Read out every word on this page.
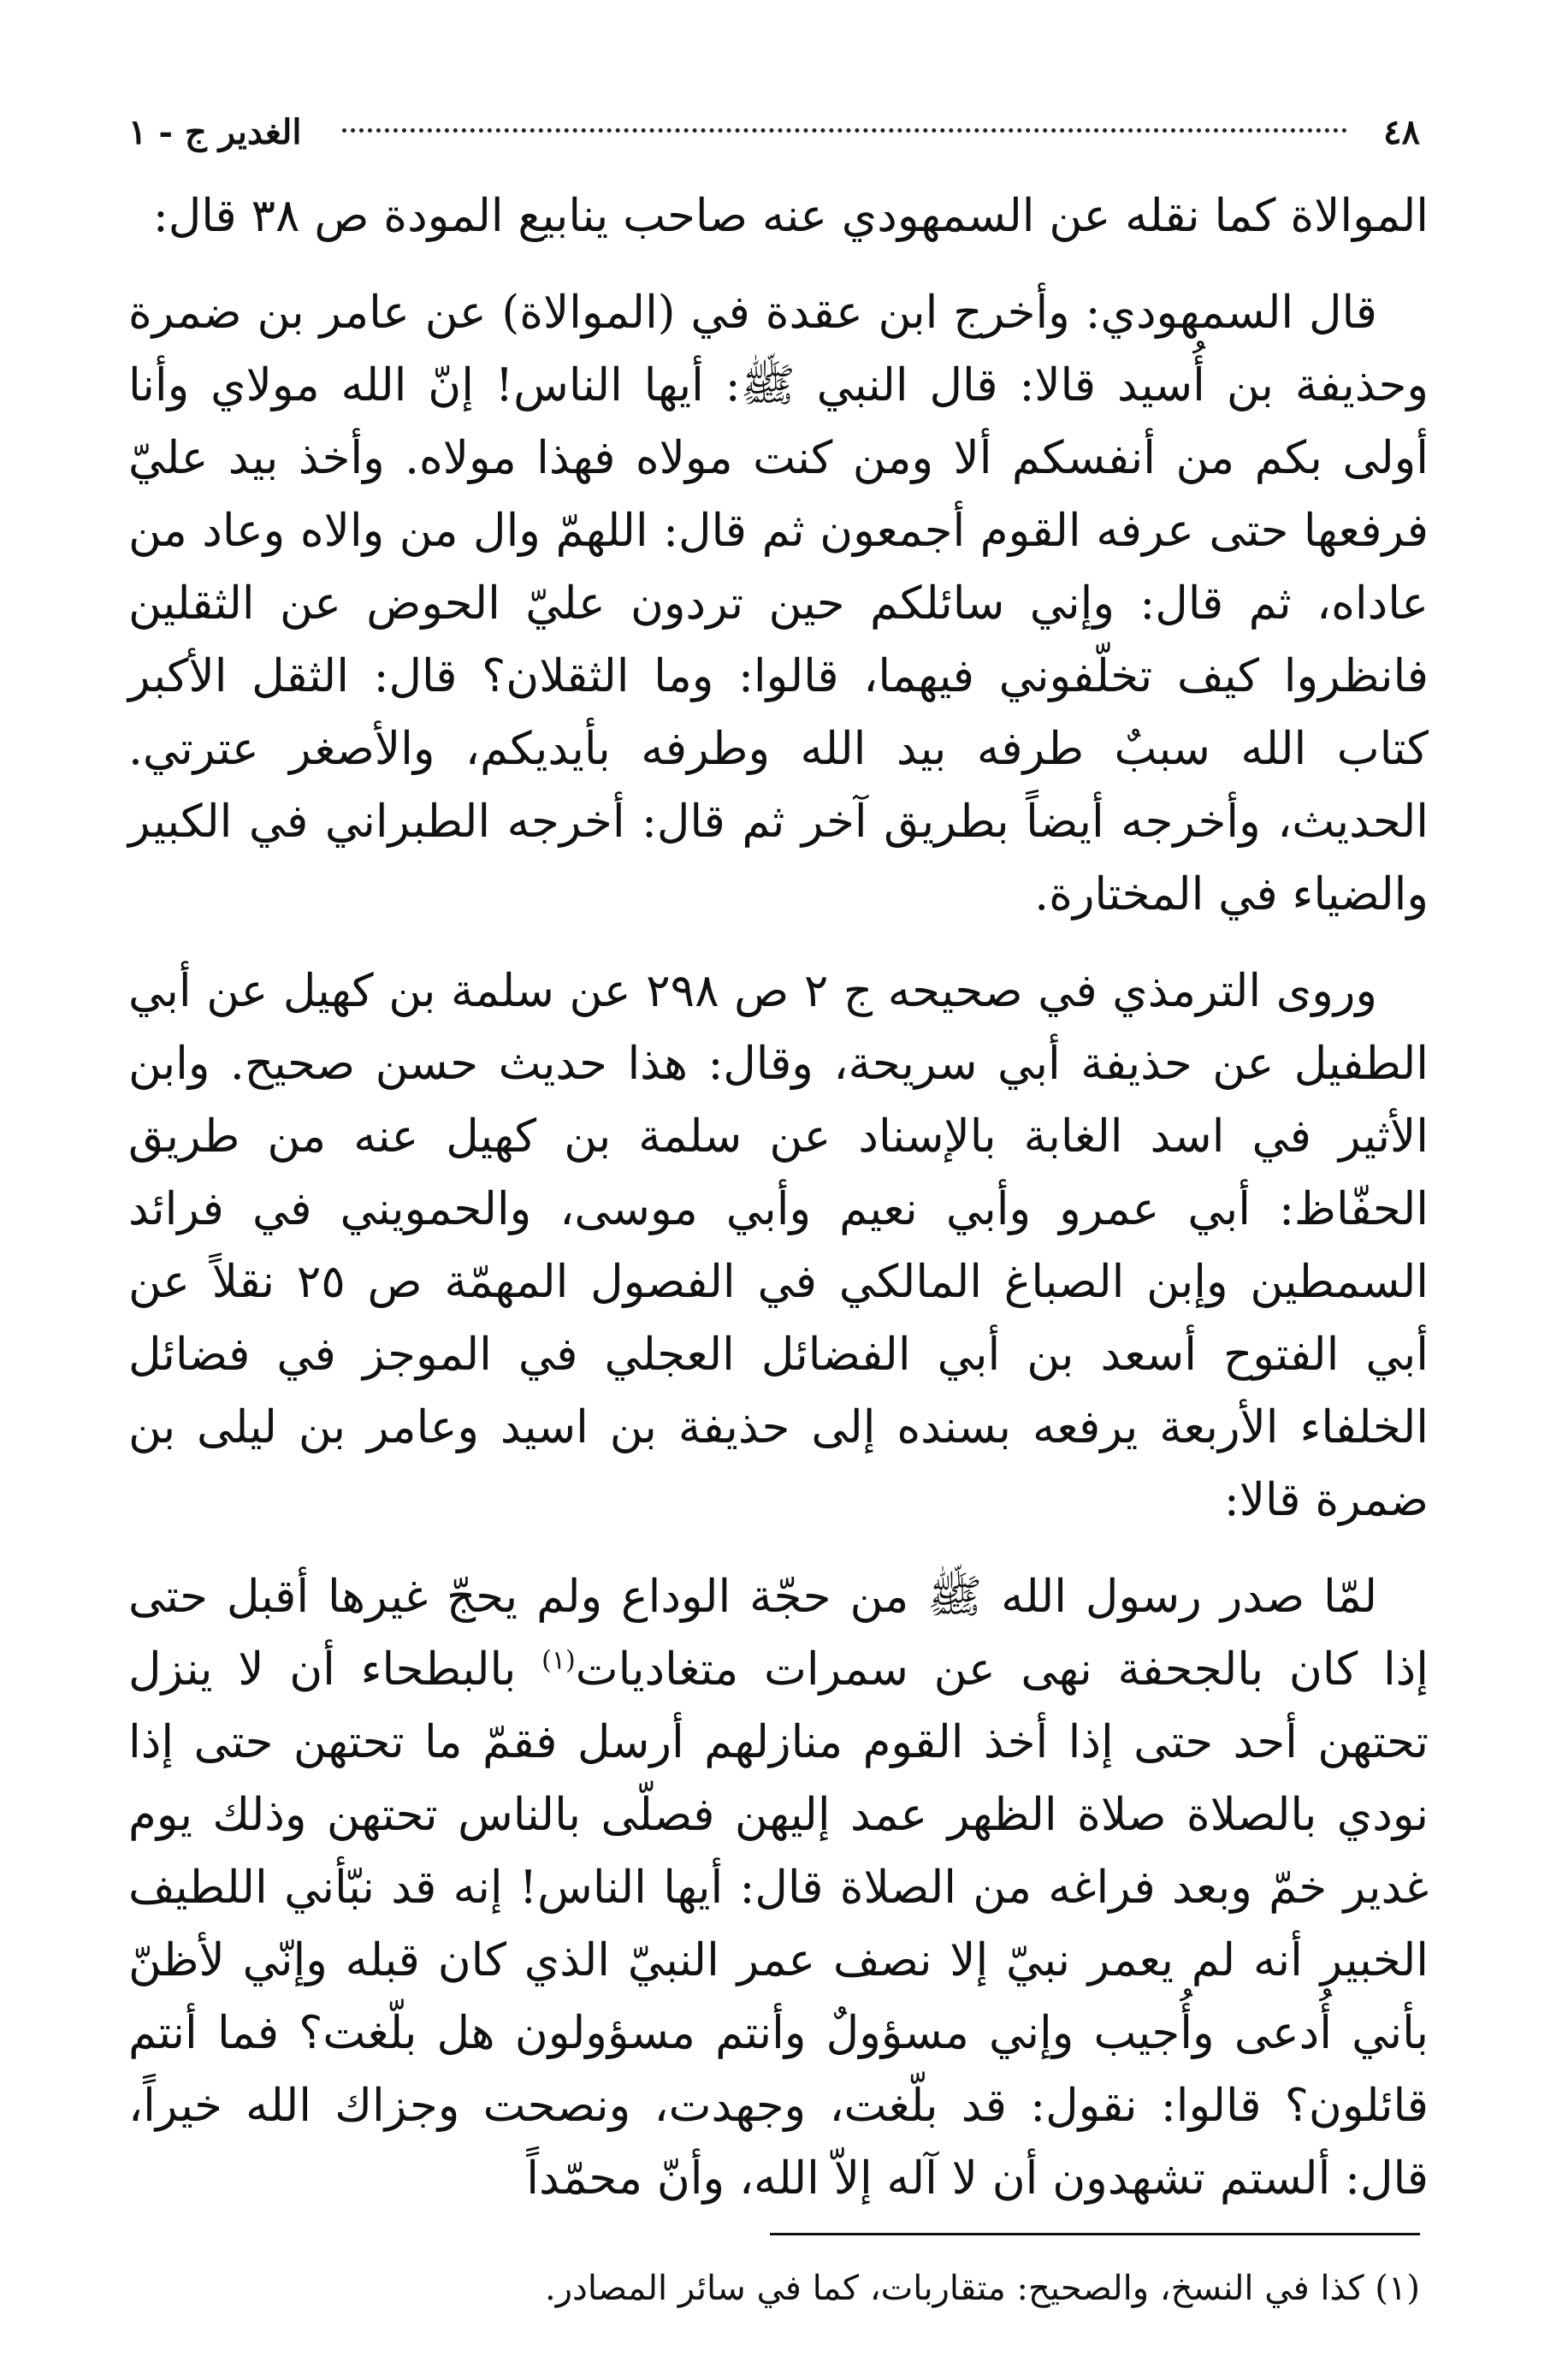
٤٨
الغدير ج - ١

الموالاة كما نقله عن السمهودي عنه صاحب ينابيع المودة ص ٣٨ قال:

قال السمهودي: وأخرج ابن عقدة في (الموالاة) عن عامر بن ضمرة وحذيفة بن أُسيد قالا: قال النبي ﷺ: أيها الناس! إنّ الله مولاي وأنا أولى بكم من أنفسكم ألا ومن كنت مولاه فهذا مولاه. وأخذ بيد عليّ فرفعها حتى عرفه القوم أجمعون ثم قال: اللهمّ وال من والاه وعاد من عاداه، ثم قال: وإني سائلكم حين تردون عليّ الحوض عن الثقلين فانظروا كيف تخلّفوني فيهما، قالوا: وما الثقلان؟ قال: الثقل الأكبر كتاب الله سببٌ طرفه بيد الله وطرفه بأيديكم، والأصغر عترتي. الحديث، وأخرجه أيضاً بطريق آخر ثم قال: أخرجه الطبراني في الكبير والضياء في المختارة.

وروى الترمذي في صحيحه ج ٢ ص ٢٩٨ عن سلمة بن كهيل عن أبي الطفيل عن حذيفة أبي سريحة، وقال: هذا حديث حسن صحيح. وابن الأثير في اسد الغابة بالإسناد عن سلمة بن كهيل عنه من طريق الحفّاظ: أبي عمرو وأبي نعيم وأبي موسى، والحمويني في فرائد السمطين وإبن الصباغ المالكي في الفصول المهمّة ص ٢٥ نقلاً عن أبي الفتوح أسعد بن أبي الفضائل العجلي في الموجز في فضائل الخلفاء الأربعة يرفعه بسنده إلى حذيفة بن اسيد وعامر بن ليلى بن ضمرة قالا:

لمّا صدر رسول الله ﷺ من حجّة الوداع ولم يحجّ غيرها أقبل حتى إذا كان بالجحفة نهى عن سمرات متغاديات$^{(١)}$ بالبطحاء أن لا ينزل تحتهن أحد حتى إذا أخذ القوم منازلهم أرسل فقمّ ما تحتهن حتى إذا نودي بالصلاة صلاة الظهر عمد إليهن فصلّى بالناس تحتهن وذلك يوم غدير خمّ وبعد فراغه من الصلاة قال: أيها الناس! إنه قد نبّأني اللطيف الخبير أنه لم يعمر نبيّ إلا نصف عمر النبيّ الذي كان قبله وإنّي لأظنّ بأني أُدعى وأُجيب وإني مسؤولٌ وأنتم مسؤولون هل بلّغت؟ فما أنتم قائلون؟ قالوا: نقول: قد بلّغت، وجهدت، ونصحت وجزاك الله خيراً، قال: ألستم تشهدون أن لا آله إلاّ الله، وأنّ محمّداً

(١) كذا في النسخ، والصحيح: متقاربات، كما في سائر المصادر.
